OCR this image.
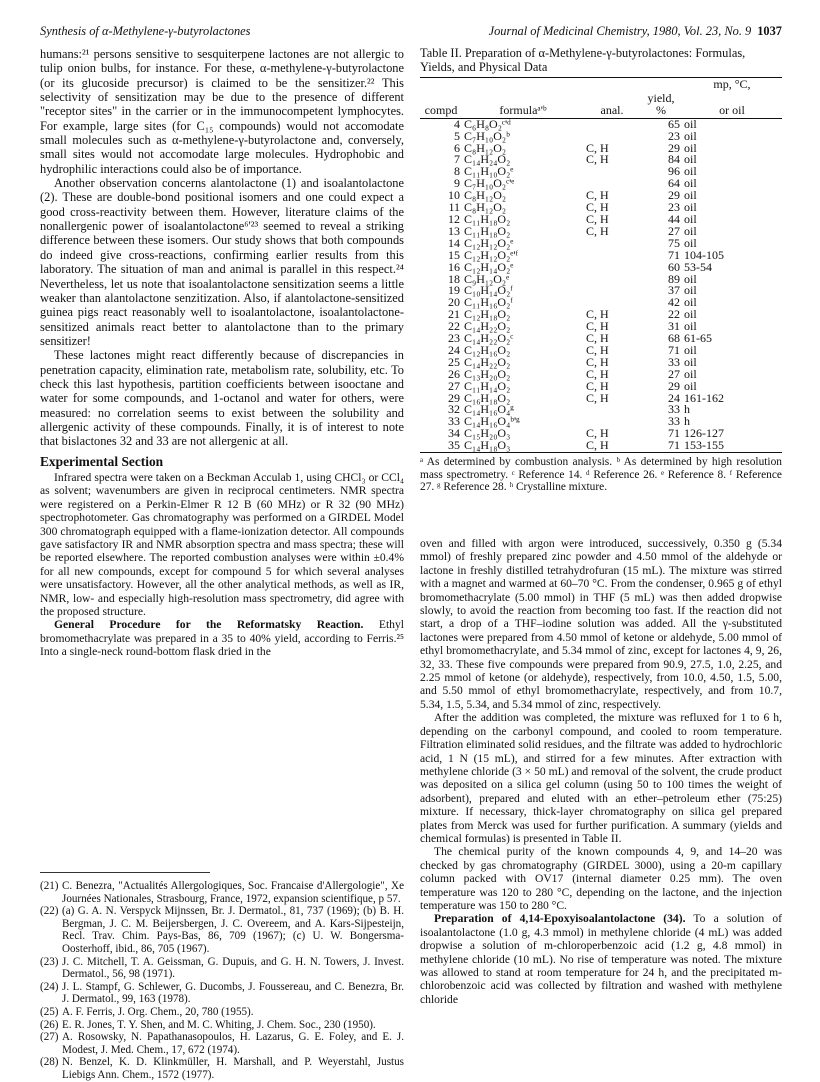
Synthesis of α-Methylene-γ-butyrolactones	Journal of Medicinal Chemistry, 1980, Vol. 23, No. 9 1037

humans:²¹ persons sensitive to sesquiterpene lactones are not allergic to tulip onion bulbs, for instance. For these, α-methylene-γ-butyrolactone (or its glucoside precursor) is claimed to be the sensitizer.²² This selectivity of sensitization may be due to the presence of different "receptor sites" in the carrier or in the immunocompetent lymphocytes. For example, large sites (for C₁₅ compounds) would not accomodate small molecules such as α-methylene-γ-butyrolactone and, conversely, small sites would not accomodate large molecules. Hydrophobic and hydrophilic interactions could also be of importance.

Another observation concerns alantolactone (1) and isoalantolactone (2). These are double-bond positional isomers and one could expect a good cross-reactivity between them. However, literature claims of the nonallergenic power of isoalantolactone⁶'²³ seemed to reveal a striking difference between these isomers. Our study shows that both compounds do indeed give cross-reactions, confirming earlier results from this laboratory. The situation of man and animal is parallel in this respect.²⁴ Nevertheless, let us note that isoalantolactone sensitization seems a little weaker than alantolactone senzitization. Also, if alantolactone-sensitized guinea pigs react reasonably well to isoalantolactone, isoalantolactone-sensitized animals react better to alantolactone than to the primary sensitizer!

These lactones might react differently because of discrepancies in penetration capacity, elimination rate, metabolism rate, solubility, etc. To check this last hypothesis, partition coefficients between isooctane and water for some compounds, and 1-octanol and water for others, were measured: no correlation seems to exist between the solubility and allergenic activity of these compounds. Finally, it is of interest to note that bislactones 32 and 33 are not allergenic at all.

Experimental Section

Infrared spectra were taken on a Beckman Acculab 1, using CHCl₃ or CCl₄ as solvent; wavenumbers are given in reciprocal centimeters. NMR spectra were registered on a Perkin-Elmer R 12 B (60 MHz) or R 32 (90 MHz) spectrophotometer. Gas chromatography was performed on a GIRDEL Model 300 chromatograph equipped with a flame-ionization detector. All compounds gave satisfactory IR and NMR absorption spectra and mass spectra; these will be reported elsewhere. The reported combustion analyses were within ±0.4% for all new compounds, except for compound 5 for which several analyses were unsatisfactory. However, all the other analytical methods, as well as IR, NMR, low- and especially high-resolution mass spectrometry, did agree with the proposed structure.

General Procedure for the Reformatsky Reaction. Ethyl bromomethacrylate was prepared in a 35 to 40% yield, according to Ferris.²⁵ Into a single-neck round-bottom flask dried in the

(21) C. Benezra, "Actualités Allergologiques, Soc. Francaise d'Allergologie", Xe Journées Nationales, Strasbourg, France, 1972, expansion scientifique, p 57.
(22) (a) G. A. N. Verspyck Mijnssen, Br. J. Dermatol., 81, 737 (1969); (b) B. H. Bergman, J. C. M. Beijersbergen, J. C. Overeem, and A. Kars-Sijpesteijn, Recl. Trav. Chim. Pays-Bas, 86, 709 (1967); (c) U. W. Bongersma-Oosterhoff, ibid., 86, 705 (1967).
(23) J. C. Mitchell, T. A. Geissman, G. Dupuis, and G. H. N. Towers, J. Invest. Dermatol., 56, 98 (1971).
(24) J. L. Stampf, G. Schlewer, G. Ducombs, J. Foussereau, and C. Benezra, Br. J. Dermatol., 99, 163 (1978).
(25) A. F. Ferris, J. Org. Chem., 20, 780 (1955).
(26) E. R. Jones, T. Y. Shen, and M. C. Whiting, J. Chem. Soc., 230 (1950).
(27) A. Rosowsky, N. Papathanasopoulos, H. Lazarus, G. E. Foley, and E. J. Modest, J. Med. Chem., 17, 672 (1974).
(28) N. Benzel, K. D. Klinkmüller, H. Marshall, and P. Weyerstahl, Justus Liebigs Ann. Chem., 1572 (1977).
Table II. Preparation of α-Methylene-γ-butyrolactones: Formulas, Yields, and Physical Data

				mp, °C,
compd	formulaᵃ'ᵇ	anal.	yield, %	or oil

4	C₆H₈O₂ᶜ'ᵈ		65	oil
5	C₇H₁₀O₂ᵇ		23	oil
6	C₈H₁₂O₂	C, H	29	oil
7	C₁₄H₂₄O₂	C, H	84	oil
8	C₁₁H₁₀O₂ᵉ		96	oil
9	C₇H₁₀O₂ᶜ'ᵉ		64	oil
10	C₈H₁₂O₂	C, H	29	oil
11	C₈H₁₂O₂	C, H	23	oil
12	C₁₁H₁₈O₂	C, H	44	oil
13	C₁₁H₁₈O₂	C, H	27	oil
14	C₁₂H₁₂O₂ᵉ		75	oil
15	C₁₂H₁₂O₂ᵉ'ᶠ		71	104-105
16	C₁₂H₁₄O₂ᵉ		60	53-54
18	C₉H₁₂O₂ᵉ		89	oil
19	C₁₀H₁₄O₂ᶠ		37	oil
20	C₁₁H₁₆O₂ᶠ		42	oil
21	C₁₂H₁₈O₂	C, H	22	oil
22	C₁₄H₂₂O₂	C, H	31	oil
23	C₁₄H₂₂O₂ᶜ	C, H	68	61-65
24	C₁₂H₁₆O₂	C, H	71	oil
25	C₁₄H₂₂O₂	C, H	33	oil
26	C₁₃H₂₀O₂	C, H	27	oil
27	C₁₁H₁₄O₂	C, H	29	oil
29	C₁₆H₁₈O₂	C, H	24	161-162
32	C₁₄H₁₆O₄ᵍ		33	h
33	C₁₄H₁₆O₄ᵇ'ᵍ		33	h
34	C₁₅H₂₀O₃	C, H	71	126-127
35	C₁₄H₁₈O₃	C, H	71	153-155

ᵃ As determined by combustion analysis. ᵇ As determined by high resolution mass spectrometry. ᶜ Reference 14. ᵈ Reference 26. ᵉ Reference 8. ᶠ Reference 27. ᵍ Reference 28. ʰ Crystalline mixture.

oven and filled with argon were introduced, successively, 0.350 g (5.34 mmol) of freshly prepared zinc powder and 4.50 mmol of the aldehyde or lactone in freshly distilled tetrahydrofuran (15 mL). The mixture was stirred with a magnet and warmed at 60–70 °C. From the condenser, 0.965 g of ethyl bromomethacrylate (5.00 mmol) in THF (5 mL) was then added dropwise slowly, to avoid the reaction from becoming too fast. If the reaction did not start, a drop of a THF–iodine solution was added. All the γ-substituted lactones were prepared from 4.50 mmol of ketone or aldehyde, 5.00 mmol of ethyl bromomethacrylate, and 5.34 mmol of zinc, except for lactones 4, 9, 26, 32, 33. These five compounds were prepared from 90.9, 27.5, 1.0, 2.25, and 2.25 mmol of ketone (or aldehyde), respectively, from 10.0, 4.50, 1.5, 5.00, and 5.50 mmol of ethyl bromomethacrylate, respectively, and from 10.7, 5.34, 1.5, 5.34, and 5.34 mmol of zinc, respectively.

After the addition was completed, the mixture was refluxed for 1 to 6 h, depending on the carbonyl compound, and cooled to room temperature. Filtration eliminated solid residues, and the filtrate was added to hydrochloric acid, 1 N (15 mL), and stirred for a few minutes. After extraction with methylene chloride (3 × 50 mL) and removal of the solvent, the crude product was deposited on a silica gel column (using 50 to 100 times the weight of adsorbent), prepared and eluted with an ether–petroleum ether (75:25) mixture. If necessary, thick-layer chromatography on silica gel prepared plates from Merck was used for further purification. A summary (yields and chemical formulas) is presented in Table II.

The chemical purity of the known compounds 4, 9, and 14–20 was checked by gas chromatography (GIRDEL 3000), using a 20-m capillary column packed with OV17 (internal diameter 0.25 mm). The oven temperature was 120 to 280 °C, depending on the lactone, and the injection temperature was 150 to 280 °C.

Preparation of 4,14-Epoxyisoalantolactone (34). To a solution of isoalantolactone (1.0 g, 4.3 mmol) in methylene chloride (4 mL) was added dropwise a solution of m-chloroperbenzoic acid (1.2 g, 4.8 mmol) in methylene chloride (10 mL). No rise of temperature was noted. The mixture was allowed to stand at room temperature for 24 h, and the precipitated m-chlorobenzoic acid was collected by filtration and washed with methylene chloride
